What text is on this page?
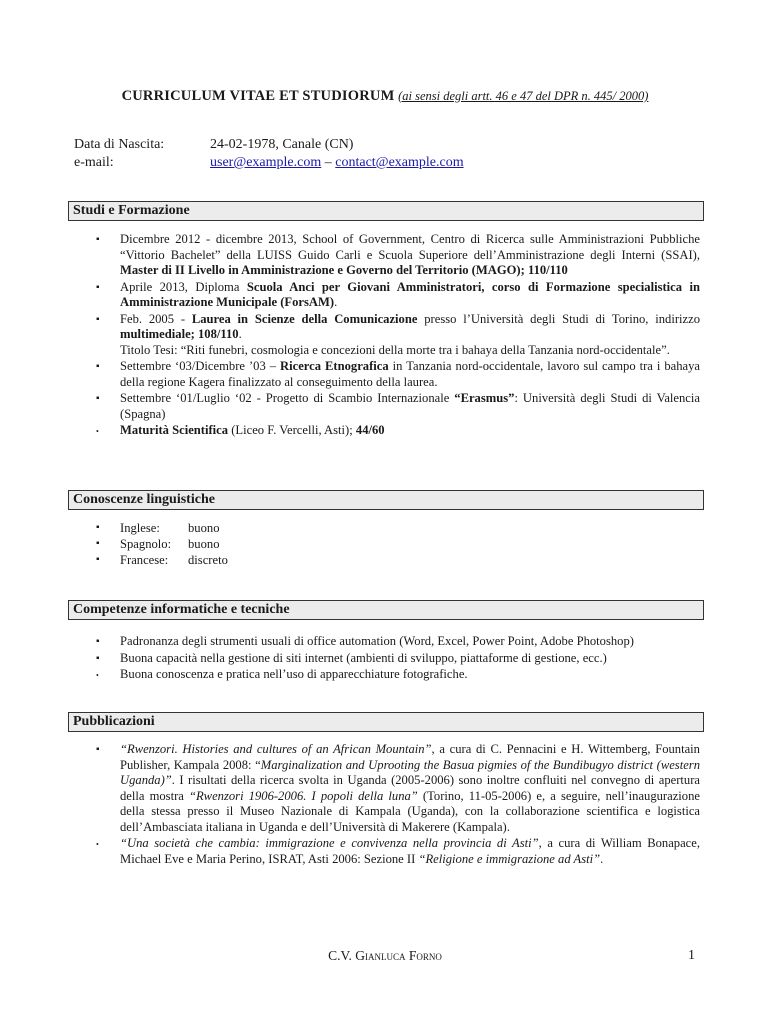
CURRICULUM VITAE ET STUDIORUM (ai sensi degli artt. 46 e 47 del DPR n. 445/ 2000)
Data di Nascita:	24-02-1978, Canale (CN)
e-mail:	user@example.com – contact@example.com
Studi e Formazione
▪ Dicembre 2012 - dicembre 2013, School of Government, Centro di Ricerca sulle Amministrazioni Pubbliche “Vittorio Bachelet” della LUISS Guido Carli e Scuola Superiore dell’Amministrazione degli Interni (SSAI), Master di II Livello in Amministrazione e Governo del Territorio (MAGO); 110/110
▪ Aprile 2013, Diploma Scuola Anci per Giovani Amministratori, corso di Formazione specialistica in Amministrazione Municipale (ForsAM).
▪ Feb. 2005 - Laurea in Scienze della Comunicazione presso l’Università degli Studi di Torino, indirizzo multimediale; 108/110.
Titolo Tesi: “Riti funebri, cosmologia e concezioni della morte tra i bahaya della Tanzania nord-occidentale”.
▪ Settembre ‘03/Dicembre ’03 – Ricerca Etnografica in Tanzania nord-occidentale, lavoro sul campo tra i bahaya della regione Kagera finalizzato al conseguimento della laurea.
▪ Settembre ‘01/Luglio ‘02 - Progetto di Scambio Internazionale “Erasmus”: Università degli Studi di Valencia (Spagna)
• Maturità Scientifica (Liceo F. Vercelli, Asti); 44/60
Conoscenze linguistiche
Inglese: buono
Spagnolo: buono
Francese: discreto
Competenze informatiche e tecniche
▪ Padronanza degli strumenti usuali di office automation (Word, Excel, Power Point, Adobe Photoshop)
▪ Buona capacità nella gestione di siti internet (ambienti di sviluppo, piattaforme di gestione, ecc.)
• Buona conoscenza e pratica nell’uso di apparecchiature fotografiche.
Pubblicazioni
▪ “Rwenzori. Histories and cultures of an African Mountain”, a cura di C. Pennacini e H. Wittemberg, Fountain Publisher, Kampala 2008: “Marginalization and Uprooting the Basua pigmies of the Bundibugyo district (western Uganda)”. I risultati della ricerca svolta in Uganda (2005-2006) sono inoltre confluiti nel convegno di apertura della mostra “Rwenzori 1906-2006. I popoli della luna” (Torino, 11-05-2006) e, a seguire, nell’inaugurazione della stessa presso il Museo Nazionale di Kampala (Uganda), con la collaborazione scientifica e logistica dell’Ambasciata italiana in Uganda e dell’Università di Makerere (Kampala).
• “Una società che cambia: immigrazione e convivenza nella provincia di Asti”, a cura di William Bonapace, Michael Eve e Maria Perino, ISRAT, Asti 2006: Sezione II “Religione e immigrazione ad Asti”.
C.V. Gianluca Forno	1
